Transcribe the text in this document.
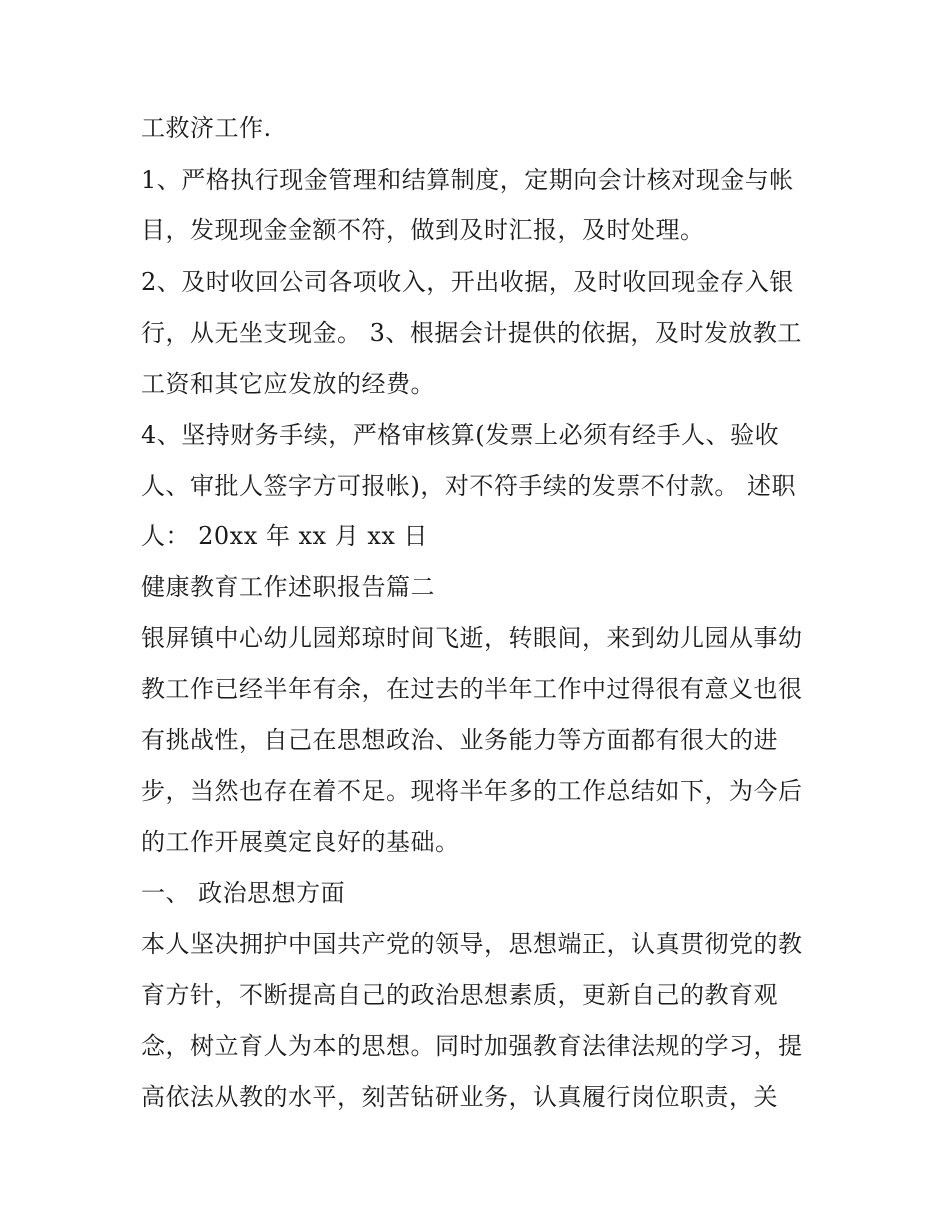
工救济工作.
1、严格执行现金管理和结算制度，定期向会计核对现金与帐
目，发现现金金额不符，做到及时汇报，及时处理。
2、及时收回公司各项收入，开出收据，及时收回现金存入银
行，从无坐支现金。 3、根据会计提供的依据，及时发放教工
工资和其它应发放的经费。
4、坚持财务手续，严格审核算(发票上必须有经手人、验收
人、审批人签字方可报帐)，对不符手续的发票不付款。 述职
人： 20xx 年 xx 月 xx 日
健康教育工作述职报告篇二
银屏镇中心幼儿园郑琼时间飞逝，转眼间，来到幼儿园从事幼
教工作已经半年有余，在过去的半年工作中过得很有意义也很
有挑战性，自己在思想政治、业务能力等方面都有很大的进
步，当然也存在着不足。现将半年多的工作总结如下，为今后
的工作开展奠定良好的基础。
一、 政治思想方面
本人坚决拥护中国共产党的领导，思想端正，认真贯彻党的教
育方针，不断提高自己的政治思想素质，更新自己的教育观
念，树立育人为本的思想。同时加强教育法律法规的学习，提
高依法从教的水平，刻苦钻研业务，认真履行岗位职责，关
